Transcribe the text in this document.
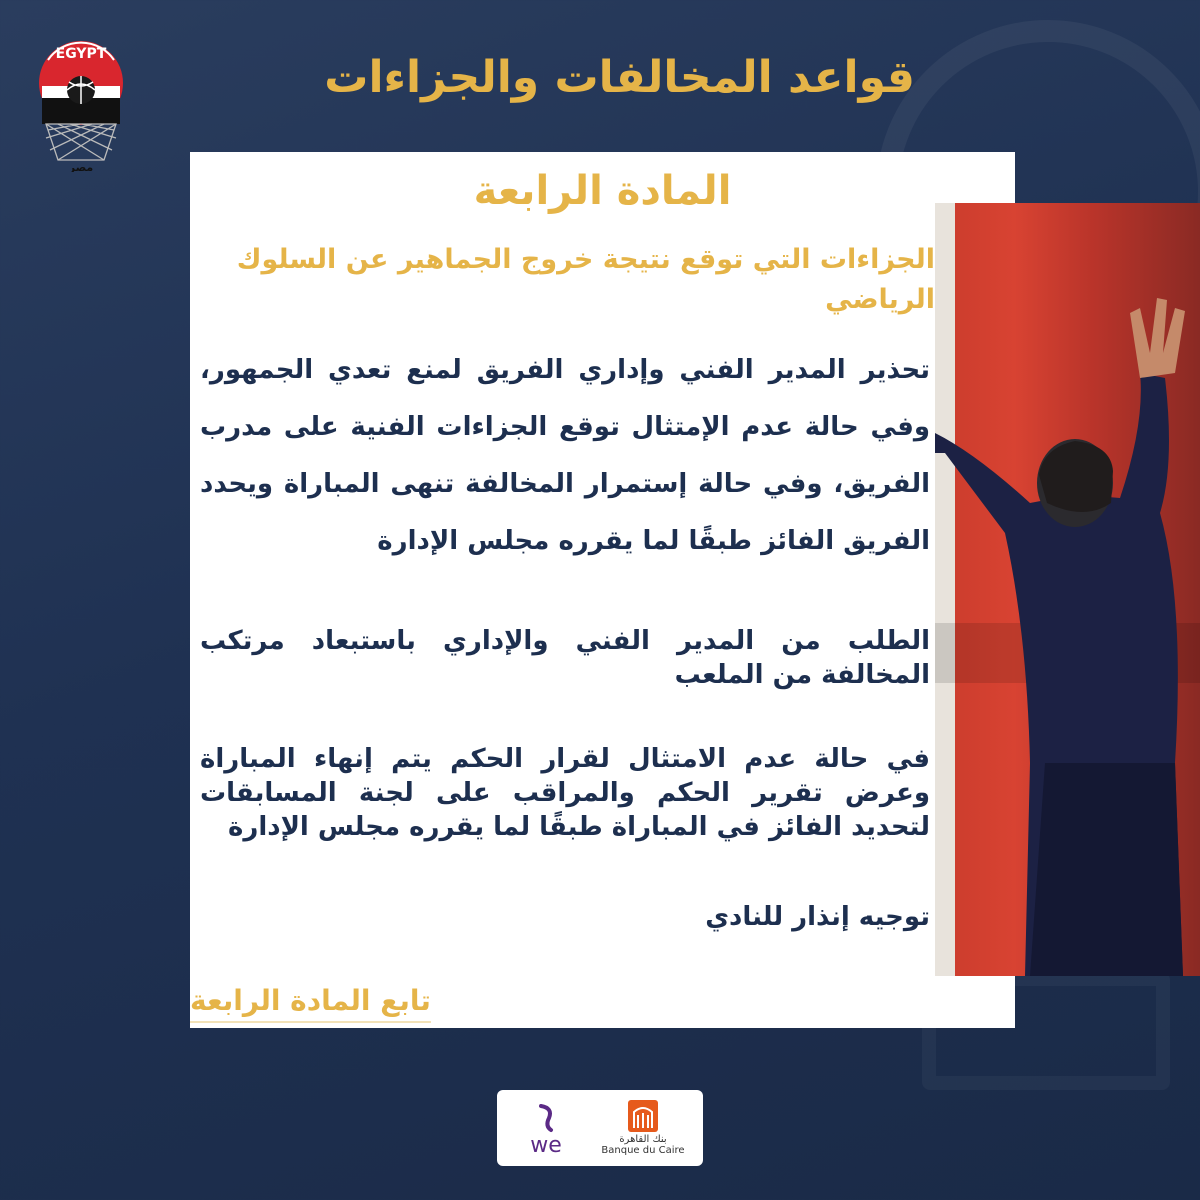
EGYPT
مصر
قواعد المخالفات والجزاءات
المادة الرابعة
الجزاءات التي توقع نتيجة خروج الجماهير عن السلوك الرياضي
تحذير المدير الفني وإداري الفريق لمنع تعدي الجمهور، وفي حالة عدم الإمتثال توقع الجزاءات الفنية على مدرب الفريق، وفي حالة إستمرار المخالفة تنهى المباراة ويحدد الفريق الفائز طبقًا لما يقرره مجلس الإدارة
الطلب من المدير الفني والإداري باستبعاد مرتكب المخالفة من الملعب
في حالة عدم الامتثال لقرار الحكم يتم إنهاء المباراة وعرض تقرير الحكم والمراقب على لجنة المسابقات لتحديد الفائز في المباراة طبقًا لما يقرره مجلس الإدارة
توجيه إنذار للنادي

تابع المادة الرابعة

we	بنك القاهرة
Banque du Caire
